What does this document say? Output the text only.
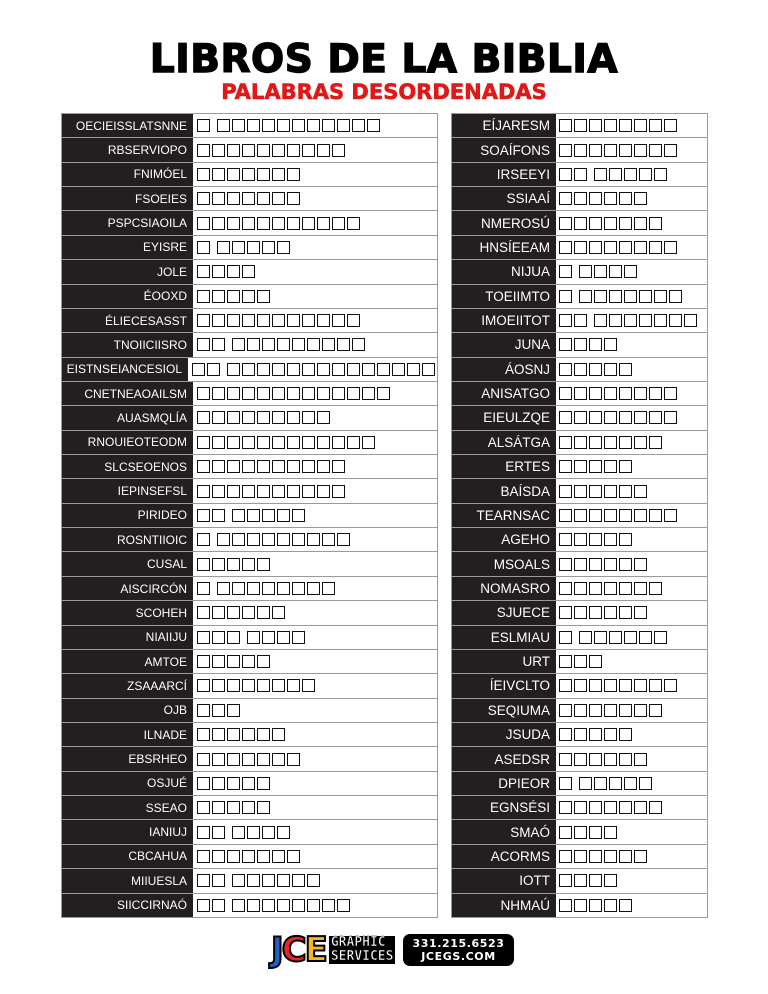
LIBROS DE LA BIBLIA
PALABRAS DESORDENADAS
OECIEISSLATSNNE
RBSERVIOPO
FNIMÓEL
FSOEIES
PSPCSIAOILA
EYISRE
JOLE
ÉOOXD
ÉLIECESASST
TNOIICIISRO
EISTNSEIANCESIOL
CNETNEAOAILSM
AUASMQLÍA
RNOUIEOTEODM
SLCSEOENOS
IEPINSEFSL
PIRIDEO
ROSNTIIOIC
CUSAL
AISCIRCÓN
SCOHEH
NIAIIJU
AMTOE
ZSAAARCÍ
OJB
ILNADE
EBSRHEO
OSJUÉ
SSEAO
IANIUJ
CBCAHUA
MIIUESLA
SIICCIRNAÓ
EÍJARESM
SOAÍFONS
IRSEEYI
SSIAAÍ
NMEROSÚ
HNSÍEEAM
NIJUA
TOEIIMTO
IMOEIITOT
JUNA
ÁOSNJ
ANISATGO
EIEULZQE
ALSÁTGA
ERTES
BAÍSDA
TEARNSAC
AGEHO
MSOALS
NOMASRO
SJUECE
ESLMIAU
URT
ÍEIVCLTO
SEQIUMA
JSUDA
ASEDSR
DPIEOR
EGNSÉSI
SMAÓ
ACORMS
IOTT
NHMAÚ
J C E GRAPHIC
SERVICES
331.215.6523
JCEGS.COM
